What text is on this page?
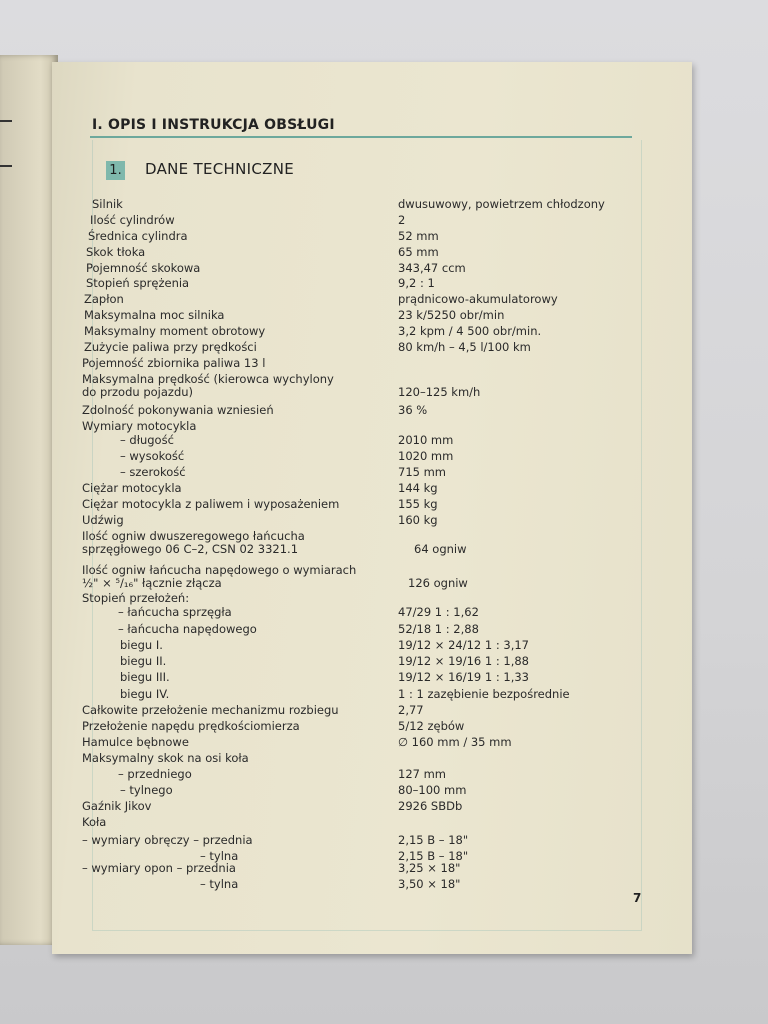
I. OPIS I INSTRUKCJA OBSŁUGI
1. DANE TECHNICZNE
Silnik	dwusuwowy, powietrzem chłodzony
Ilość cylindrów	2
Średnica cylindra	52 mm
Skok tłoka	65 mm
Pojemność skokowa	343,47 ccm
Stopień sprężenia	9,2 : 1
Zapłon	prądnicowo-akumulatorowy
Maksymalna moc silnika	23 k/5250 obr/min
Maksymalny moment obrotowy	3,2 kpm / 4 500 obr/min.
Zużycie paliwa przy prędkości	80 km/h – 4,5 l/100 km
Pojemność zbiornika paliwa 13 l
Maksymalna prędkość (kierowca wychylony
do przodu pojazdu)	120–125 km/h
Zdolność pokonywania wzniesień	36 %
Wymiary motocykla
– długość	2010 mm
– wysokość	1020 mm
– szerokość	715 mm
Ciężar motocykla	144 kg
Ciężar motocykla z paliwem i wyposażeniem	155 kg
Udźwig	160 kg
Ilość ogniw dwuszeregowego łańcucha
sprzęgłowego 06 C–2, CSN 02 3321.1	64 ogniw
Ilość ogniw łańcucha napędowego o wymiarach
½" × ⁵/₁₆" łącznie złącza	126 ogniw
Stopień przełożeń:
– łańcucha sprzęgła	47/29 1 : 1,62
– łańcucha napędowego	52/18 1 : 2,88
biegu I.	19/12 × 24/12 1 : 3,17
biegu II.	19/12 × 19/16 1 : 1,88
biegu III.	19/12 × 16/19 1 : 1,33
biegu IV.	1 : 1 zazębienie bezpośrednie
Całkowite przełożenie mechanizmu rozbiegu	2,77
Przełożenie napędu prędkościomierza	5/12 zębów
Hamulce bębnowe	∅ 160 mm / 35 mm
Maksymalny skok na osi koła
– przedniego	127 mm
– tylnego	80–100 mm
Gaźnik Jikov	2926 SBDb
Koła
– wymiary obręczy – przednia	2,15 B – 18"
– tylna	2,15 B – 18"
– wymiary opon – przednia	3,25 × 18"
– tylna	3,50 × 18"
7
